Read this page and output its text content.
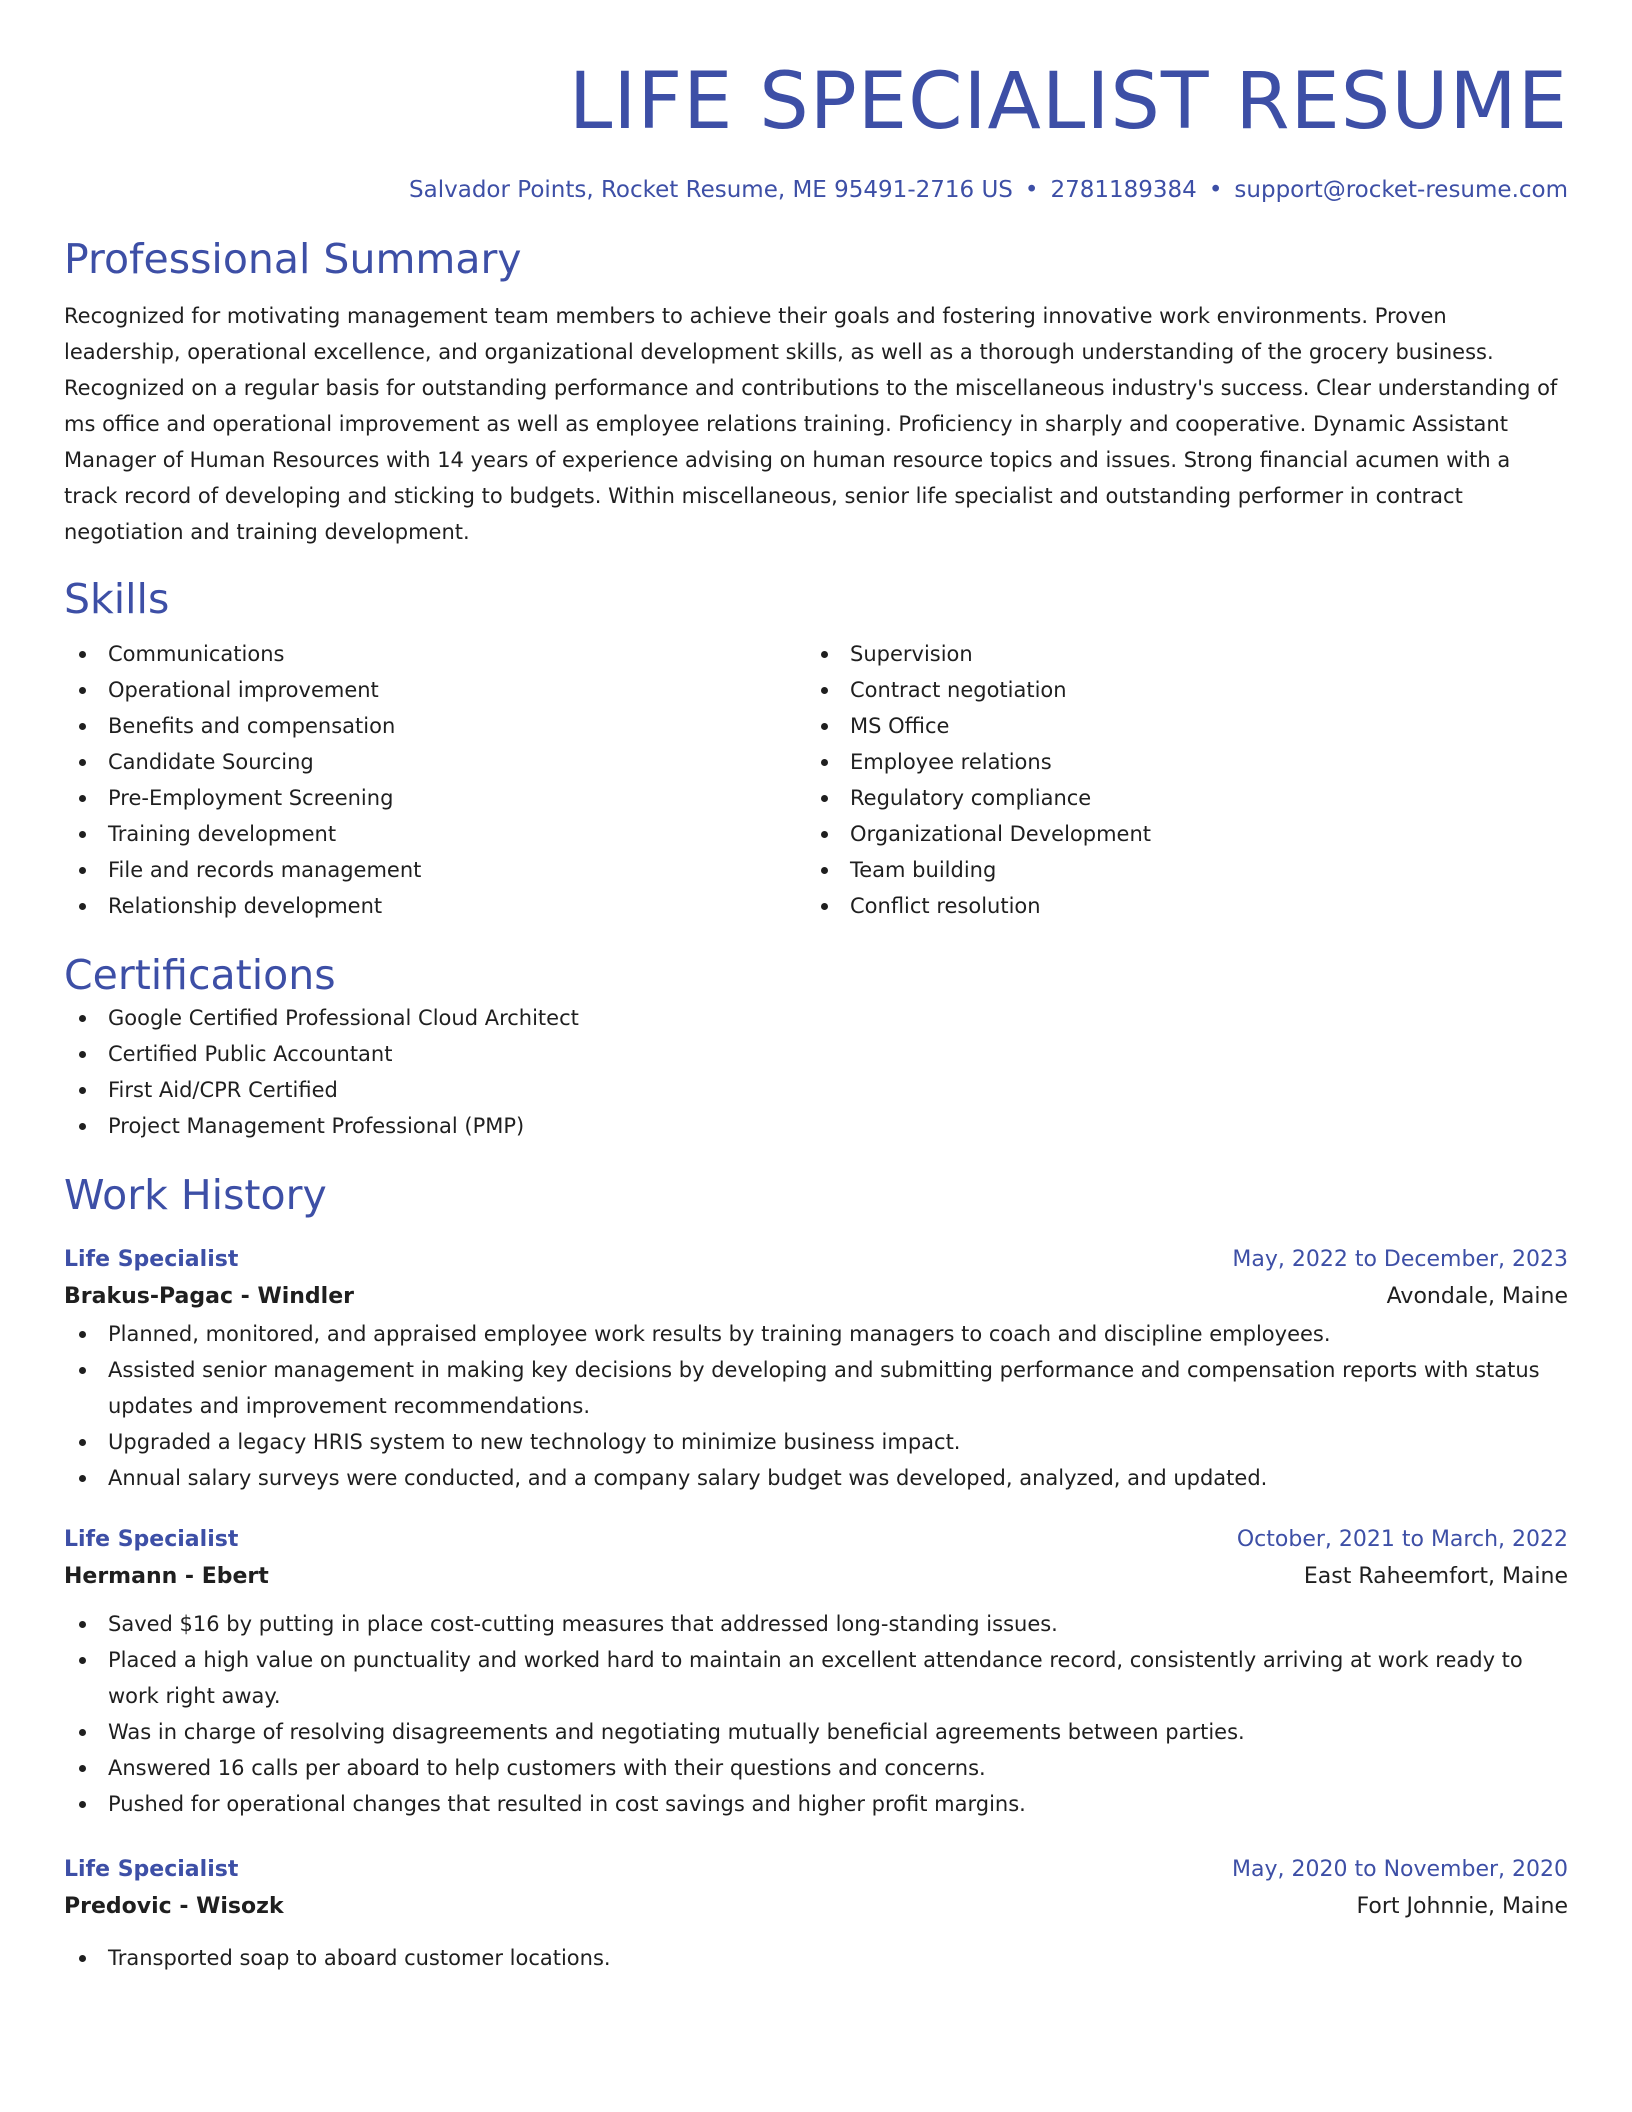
LIFE SPECIALIST RESUME
Salvador Points, Rocket Resume, ME 95491-2716 US • 2781189384 • support@rocket-resume.com
Professional Summary

Recognized for motivating management team members to achieve their goals and fostering innovative work environments. Proven leadership, operational excellence, and organizational development skills, as well as a thorough understanding of the grocery business. Recognized on a regular basis for outstanding performance and contributions to the miscellaneous industry's success. Clear understanding of ms office and operational improvement as well as employee relations training. Proficiency in sharply and cooperative. Dynamic Assistant Manager of Human Resources with 14 years of experience advising on human resource topics and issues. Strong financial acumen with a track record of developing and sticking to budgets. Within miscellaneous, senior life specialist and outstanding performer in contract negotiation and training development.

Skills
Communications
Operational improvement
Benefits and compensation
Candidate Sourcing
Pre-Employment Screening
Training development
File and records management
Relationship development
Supervision
Contract negotiation
MS Office
Employee relations
Regulatory compliance
Organizational Development
Team building
Conflict resolution
Certifications
Google Certified Professional Cloud Architect
Certified Public Accountant
First Aid/CPR Certified
Project Management Professional (PMP)
Work History
Life Specialist	May, 2022 to December, 2023
Brakus-Pagac - Windler	Avondale, Maine
Planned, monitored, and appraised employee work results by training managers to coach and discipline employees.
Assisted senior management in making key decisions by developing and submitting performance and compensation reports with status updates and improvement recommendations.
Upgraded a legacy HRIS system to new technology to minimize business impact.
Annual salary surveys were conducted, and a company salary budget was developed, analyzed, and updated.
Life Specialist	October, 2021 to March, 2022
Hermann - Ebert	East Raheemfort, Maine
Saved $16 by putting in place cost-cutting measures that addressed long-standing issues.
Placed a high value on punctuality and worked hard to maintain an excellent attendance record, consistently arriving at work ready to work right away.
Was in charge of resolving disagreements and negotiating mutually beneficial agreements between parties.
Answered 16 calls per aboard to help customers with their questions and concerns.
Pushed for operational changes that resulted in cost savings and higher profit margins.
Life Specialist	May, 2020 to November, 2020
Predovic - Wisozk	Fort Johnnie, Maine
Transported soap to aboard customer locations.
